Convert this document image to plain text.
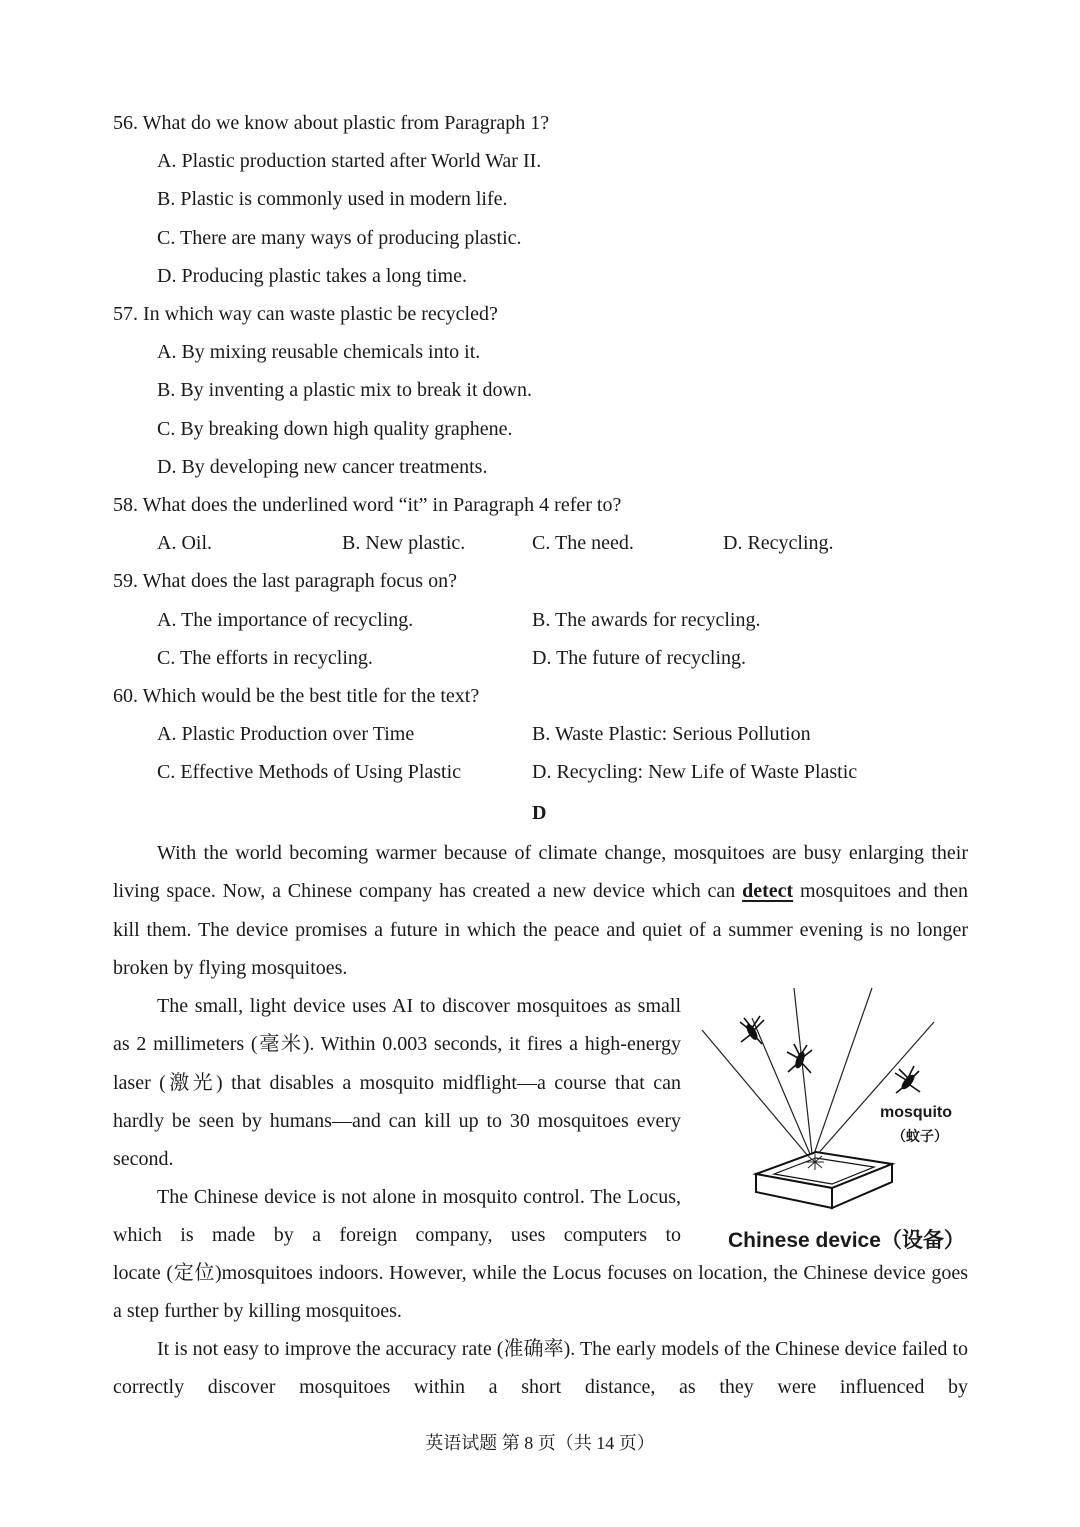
56. What do we know about plastic from Paragraph 1?
A. Plastic production started after World War II.
B. Plastic is commonly used in modern life.
C. There are many ways of producing plastic.
D. Producing plastic takes a long time.
57. In which way can waste plastic be recycled?
A. By mixing reusable chemicals into it.
B. By inventing a plastic mix to break it down.
C. By breaking down high quality graphene.
D. By developing new cancer treatments.
58. What does the underlined word “it” in Paragraph 4 refer to?
A. Oil.	B. New plastic.	C. The need.	D. Recycling.
59. What does the last paragraph focus on?
A. The importance of recycling.	B. The awards for recycling.
C. The efforts in recycling.	D. The future of recycling.
60. Which would be the best title for the text?
A. Plastic Production over Time	B. Waste Plastic: Serious Pollution
C. Effective Methods of Using Plastic	D. Recycling: New Life of Waste Plastic
D

With the world becoming warmer because of climate change, mosquitoes are busy enlarging their living space. Now, a Chinese company has created a new device which can detect mosquitoes and then kill them. The device promises a future in which the peace and quiet of a summer evening is no longer broken by flying mosquitoes.

The small, light device uses AI to discover mosquitoes as small as 2 millimeters (毫米). Within 0.003 seconds, it fires a high-energy laser (激光) that disables a mosquito midflight—a course that can hardly be seen by humans—and can kill up to 30 mosquitoes every second.

The Chinese device is not alone in mosquito control. The Locus, which is made by a foreign company, uses computers to

locate (定位)mosquitoes indoors. However, while the Locus focuses on location, the Chinese device goes a step further by killing mosquitoes.

It is not easy to improve the accuracy rate (准确率). The early models of the Chinese device failed to correctly discover mosquitoes within a short distance, as they were influenced by

mosquito
（蚊子）
Chinese device（设备）
英语试题 第 8 页（共 14 页）
